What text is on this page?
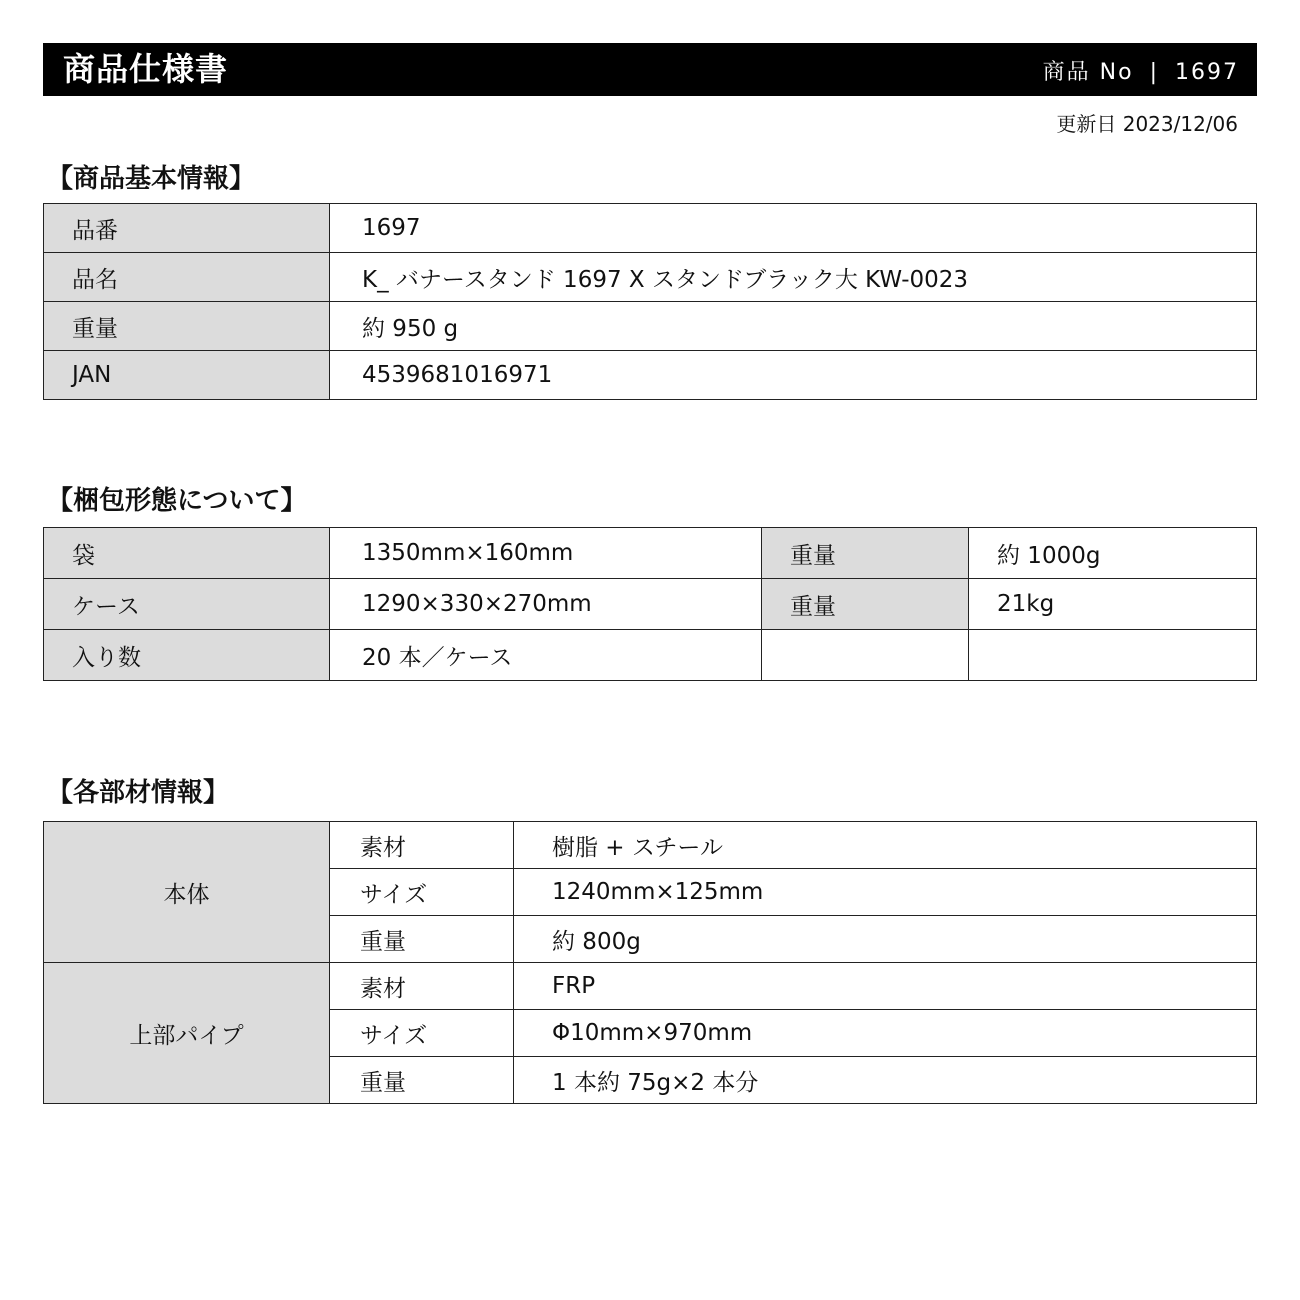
商品仕様書	商品 No | 1697
更新日 2023/12/06
【商品基本情報】
品番	1697
品名	K_ バナースタンド 1697 X スタンドブラック大 KW-0023
重量	約 950 g
JAN	4539681016971
【梱包形態について】
袋	1350mm×160mm	重量	約 1000g
ケース	1290×330×270mm	重量	21kg
入り数	20 本／ケース		
【各部材情報】
本体	素材	樹脂 + スチール
	サイズ	1240mm×125mm
	重量	約 800g
上部パイプ	素材	FRP
	サイズ	Φ10mm×970mm
	重量	1 本約 75g×2 本分
